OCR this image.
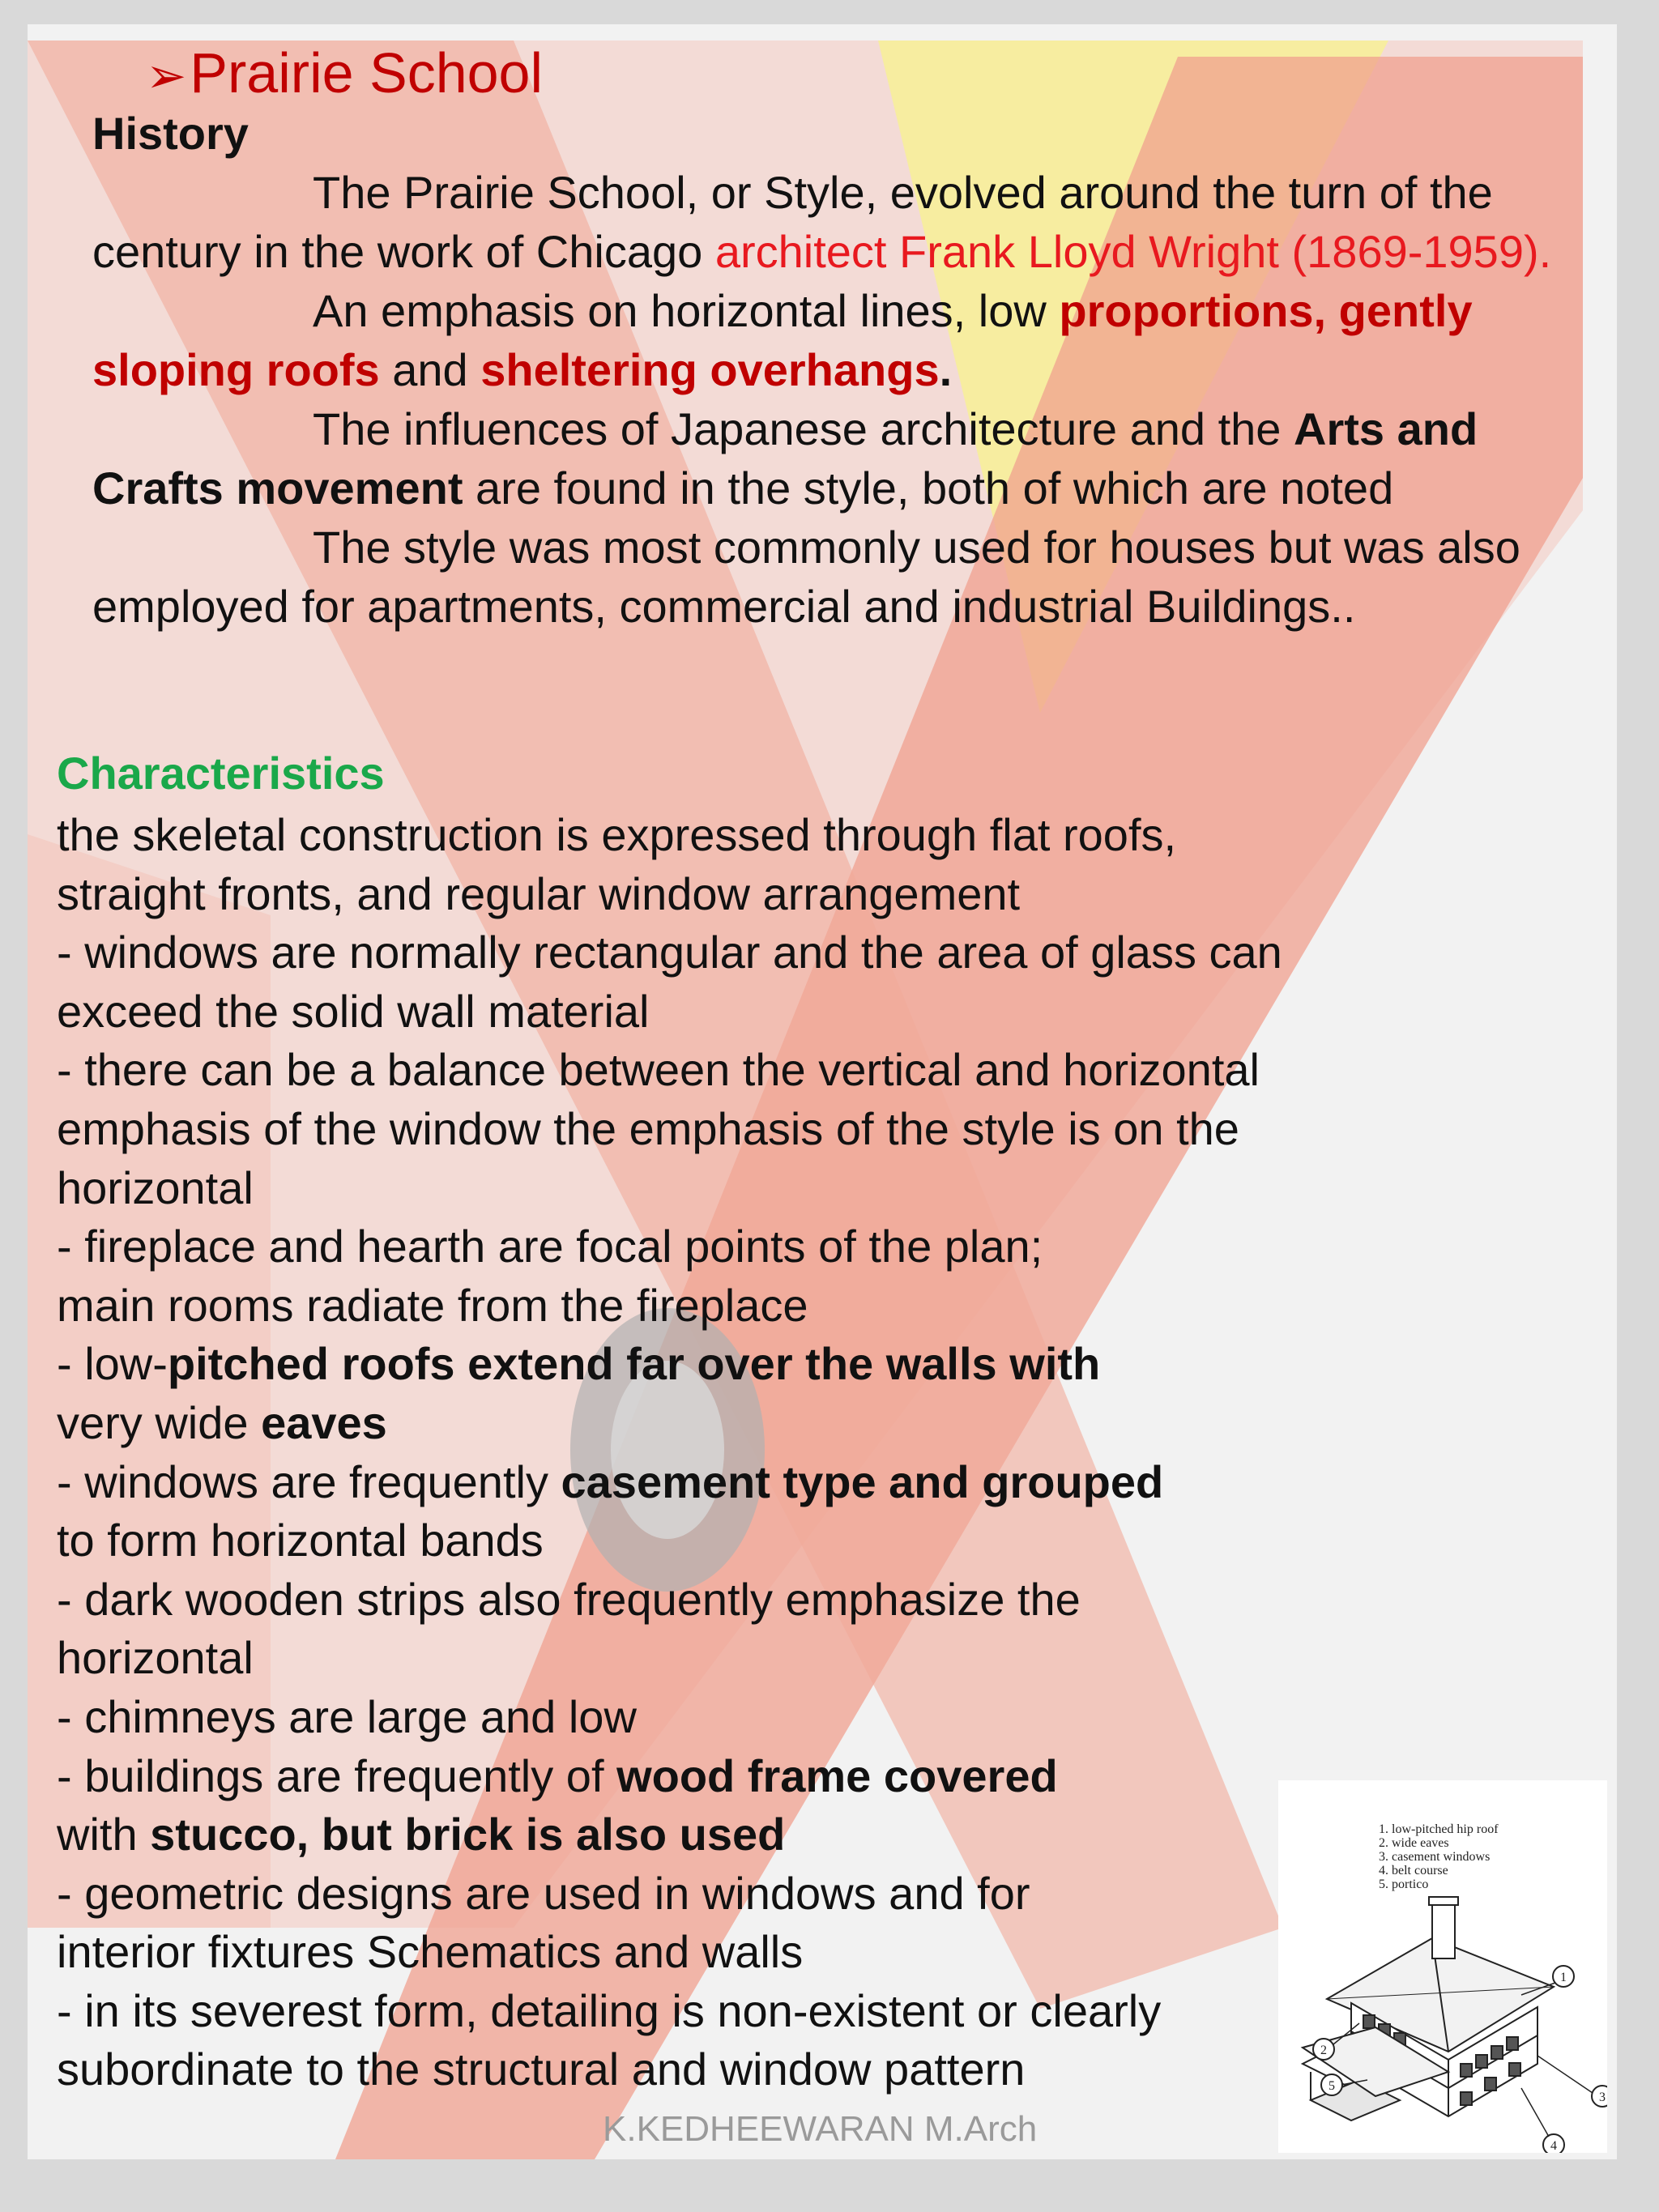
➢Prairie School
History

The Prairie School, or Style, evolved around the turn of the century in the work of Chicago architect Frank Lloyd Wright (1869-1959).

An emphasis on horizontal lines, low proportions, gently sloping roofs and sheltering overhangs.

The influences of Japanese architecture and the Arts and Crafts movement are found in the style, both of which are noted

The style was most commonly used for houses but was also employed for apartments, commercial and industrial Buildings..

Characteristics
the skeletal construction is expressed through flat roofs,
straight fronts, and regular window arrangement
- windows are normally rectangular and the area of glass can
exceed the solid wall material
- there can be a balance between the vertical and horizontal
emphasis of the window the emphasis of the style is on the
horizontal
- fireplace and hearth are focal points of the plan;
main rooms radiate from the fireplace
- low-pitched roofs extend far over the walls with
very wide eaves
- windows are frequently casement type and grouped
to form horizontal bands
- dark wooden strips also frequently emphasize the
horizontal
- chimneys are large and low
- buildings are frequently of wood frame covered
with stucco, but brick is also used
- geometric designs are used in windows and for
interior fixtures Schematics and walls
- in its severest form, detailing is non-existent or clearly
subordinate to the structural and window pattern
K.KEDHEEWARAN M.Arch
1. low-pitched hip roof
2. wide eaves
3. casement windows
4. belt course
5. portico
1
2
3
4
5
